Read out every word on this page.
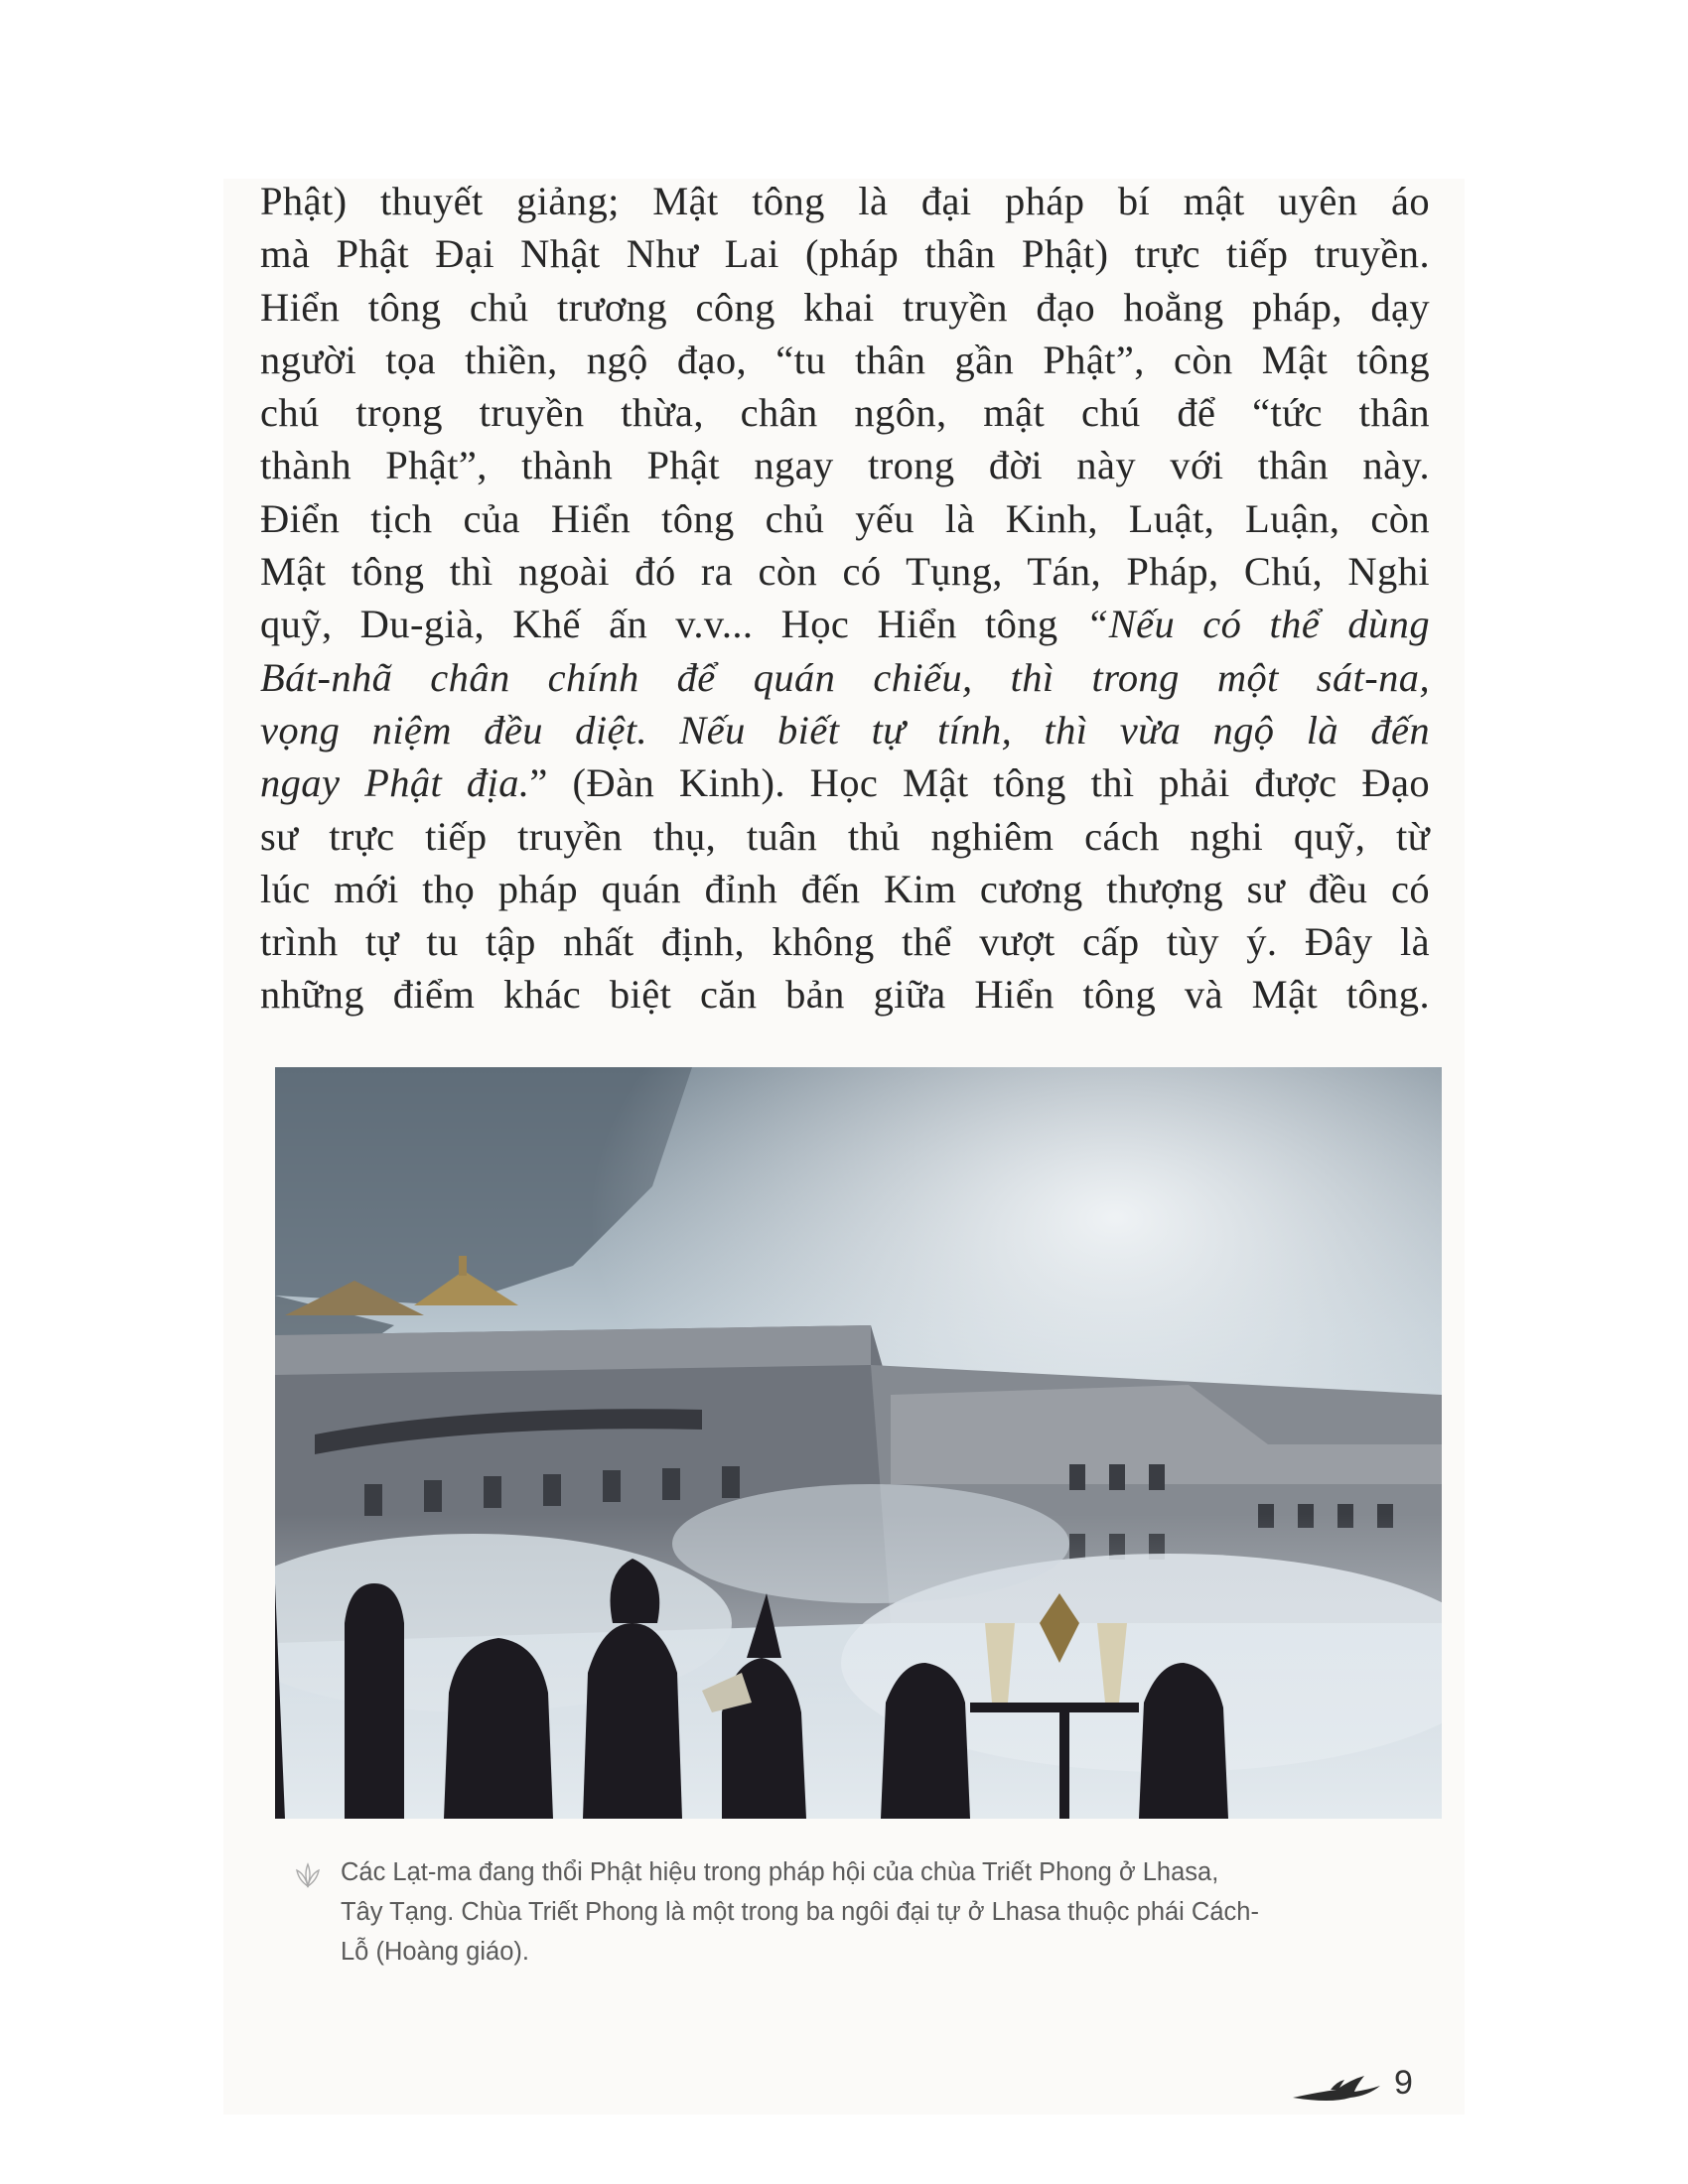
Phật) thuyết giảng; Mật tông là đại pháp bí mật uyên áo
mà Phật Đại Nhật Như Lai (pháp thân Phật) trực tiếp truyền.
Hiển tông chủ trương công khai truyền đạo hoằng pháp, dạy
người tọa thiền, ngộ đạo, “tu thân gần Phật”, còn Mật tông
chú trọng truyền thừa, chân ngôn, mật chú để “tức thân
thành Phật”, thành Phật ngay trong đời này với thân này.
Điển tịch của Hiển tông chủ yếu là Kinh, Luật, Luận, còn
Mật tông thì ngoài đó ra còn có Tụng, Tán, Pháp, Chú, Nghi
quỹ, Du-già, Khế ấn v.v... Học Hiển tông “Nếu có thể dùng
Bát-nhã chân chính để quán chiếu, thì trong một sát-na,
vọng niệm đều diệt. Nếu biết tự tính, thì vừa ngộ là đến
ngay Phật địa.” (Đàn Kinh). Học Mật tông thì phải được Đạo
sư trực tiếp truyền thụ, tuân thủ nghiêm cách nghi quỹ, từ
lúc mới thọ pháp quán đỉnh đến Kim cương thượng sư đều có
trình tự tu tập nhất định, không thể vượt cấp tùy ý. Đây là
những điểm khác biệt căn bản giữa Hiển tông và Mật tông.
Các Lạt-ma đang thổi Phật hiệu trong pháp hội của chùa Triết Phong ở Lhasa,
Tây Tạng. Chùa Triết Phong là một trong ba ngôi đại tự ở Lhasa thuộc phái Cách-
Lỗ (Hoàng giáo).
9
